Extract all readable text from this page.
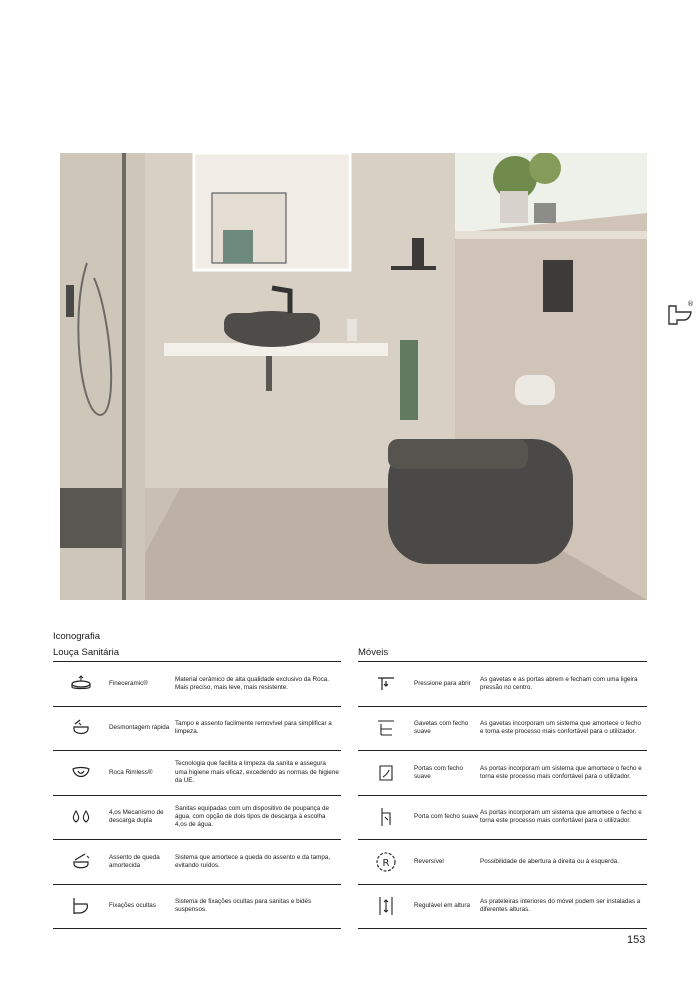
®
Iconografia
Louça Sanitária
Fineceramic®
Material cerâmico de alta qualidade exclusivo da Roca. Mais preciso, mais leve, mais resistente.
Desmontagem rápida
Tampo e assento facilmente removível para simplificar a limpeza.
Roca Rimless®
Tecnologia que facilita a limpeza da sanita e assegura uma higiene mais eficaz, excedendo as normas de higiene da UE.
4,os Mecanismo de descarga dupla
Sanitas equipadas com um dispositivo de poupança de água, com opção de dois tipos de descarga à escolha 4,os de água.
Assento de queda amortecida
Sistema que amortece a queda do assento e da tampa, evitando ruídos.
Fixações ocultas
Sistema de fixações ocultas para sanitas e bidés suspensos.
Móveis
Pressione para abrir
As gavetas e as portas abrem e fecham com uma ligeira pressão no centro.
Gavetas com fecho suave
As gavetas incorporam um sistema que amortece o fecho e torna este processo mais confortável para o utilizador.
Portas com fecho suave
As portas incorporam um sistema que amortece o fecho e torna este processo mais confortável para o utilizador.
Porta com fecho suave
As portas incorporam um sistema que amortece o fecho e torna este processo mais confortável para o utilizador.
R	Reversível	Possibilidade de abertura à direita ou à esquerda.
Regulável em altura
As prateleiras interiores do móvel podem ser instaladas a diferentes alturas.
153
